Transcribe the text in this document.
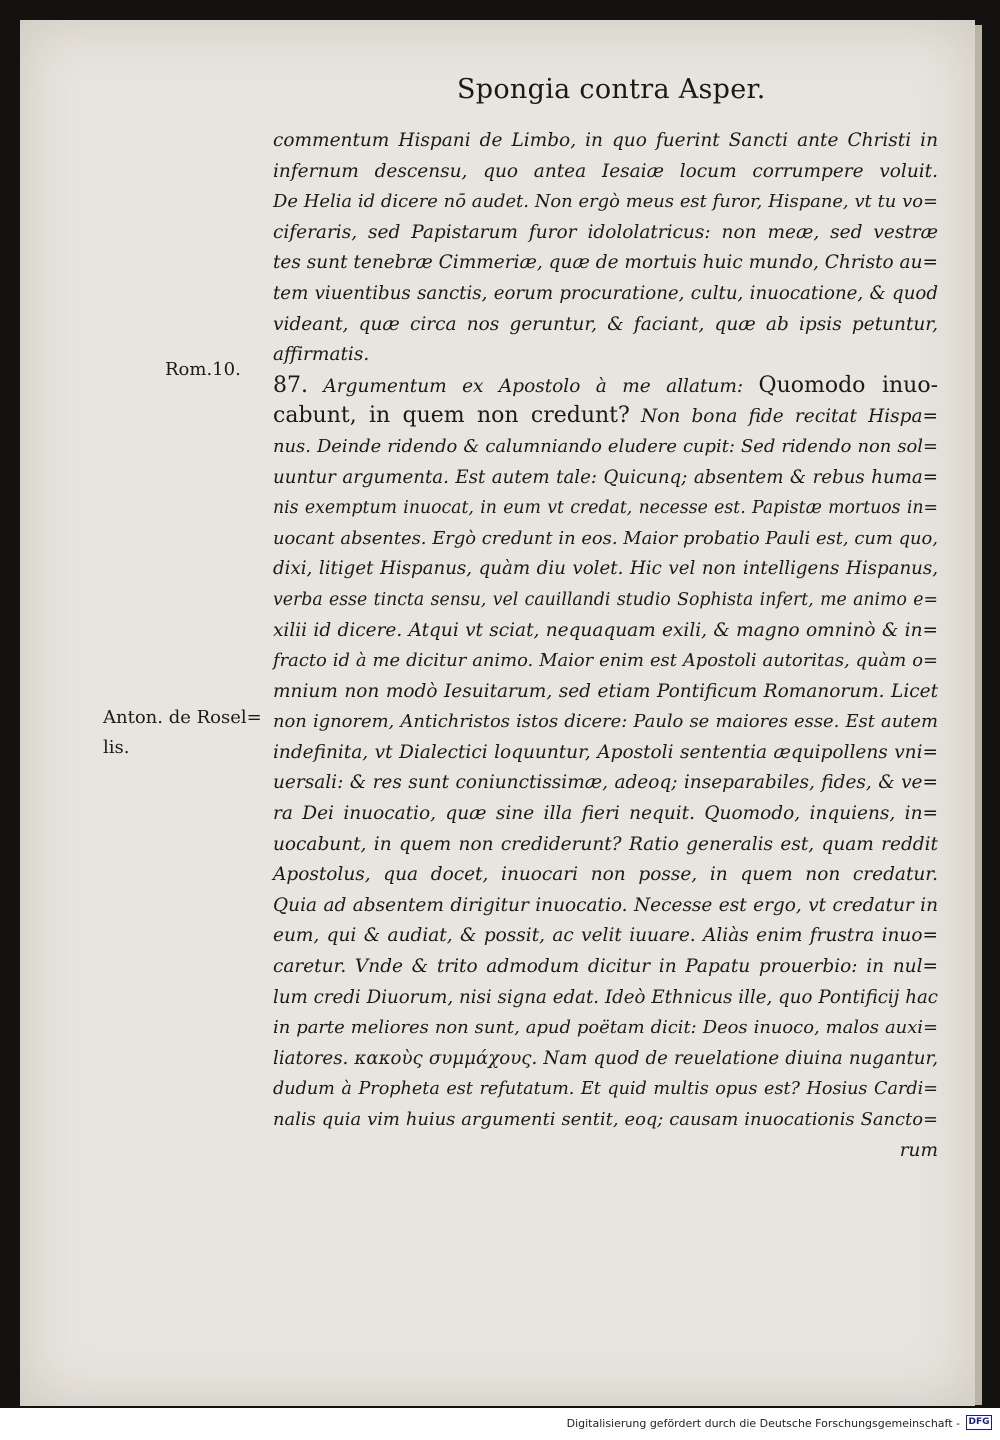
Spongia contra Asper.
Rom.10.
Anton. de Rosel=
lis.
commentum Hispani de Limbo, in quo fuerint Sancti ante Christi in
infernum descensu, quo antea Iesaiæ locum corrumpere voluit.
De Helia id dicere nō audet. Non ergò meus est furor, Hispane, vt tu vo=
ciferaris, sed Papistarum furor idololatricus: non meæ, sed vestræ
tes sunt tenebræ Cimmeriæ, quæ de mortuis huic mundo, Christo au=
tem viuentibus sanctis, eorum procuratione, cultu, inuocatione, & quod
videant, quæ circa nos geruntur, & faciant, quæ ab ipsis petuntur,
affirmatis.
87. Argumentum ex Apostolo à me allatum: Quomodo inuo-
cabunt, in quem non credunt? Non bona fide recitat Hispa=
nus. Deinde ridendo & calumniando eludere cupit: Sed ridendo non sol=
uuntur argumenta. Est autem tale: Quicunq; absentem & rebus huma=
nis exemptum inuocat, in eum vt credat, necesse est. Papistæ mortuos in=
uocant absentes. Ergò credunt in eos. Maior probatio Pauli est, cum quo,
dixi, litiget Hispanus, quàm diu volet. Hic vel non intelligens Hispanus,
verba esse tincta sensu, vel cauillandi studio Sophista infert, me animo e=
xilii id dicere. Atqui vt sciat, nequaquam exili, & magno omninò & in=
fracto id à me dicitur animo. Maior enim est Apostoli autoritas, quàm o=
mnium non modò Iesuitarum, sed etiam Pontificum Romanorum. Licet
non ignorem, Antichristos istos dicere: Paulo se maiores esse. Est autem
indefinita, vt Dialectici loquuntur, Apostoli sententia æquipollens vni=
uersali: & res sunt coniunctissimæ, adeoq; inseparabiles, fides, & ve=
ra Dei inuocatio, quæ sine illa fieri nequit. Quomodo, inquiens, in=
uocabunt, in quem non crediderunt? Ratio generalis est, quam reddit
Apostolus, qua docet, inuocari non posse, in quem non credatur.
Quia ad absentem dirigitur inuocatio. Necesse est ergo, vt credatur in
eum, qui & audiat, & possit, ac velit iuuare. Aliàs enim frustra inuo=
caretur. Vnde & trito admodum dicitur in Papatu prouerbio: in nul=
lum credi Diuorum, nisi signa edat. Ideò Ethnicus ille, quo Pontificij hac
in parte meliores non sunt, apud poëtam dicit: Deos inuoco, malos auxi=
liatores. κακοὺς συμμάχους. Nam quod de reuelatione diuina nugantur,
dudum à Propheta est refutatum. Et quid multis opus est? Hosius Cardi=
nalis quia vim huius argumenti sentit, eoq; causam inuocationis Sancto=
rum
Digitalisierung gefördert durch die Deutsche Forschungsgemeinschaft - DFG
